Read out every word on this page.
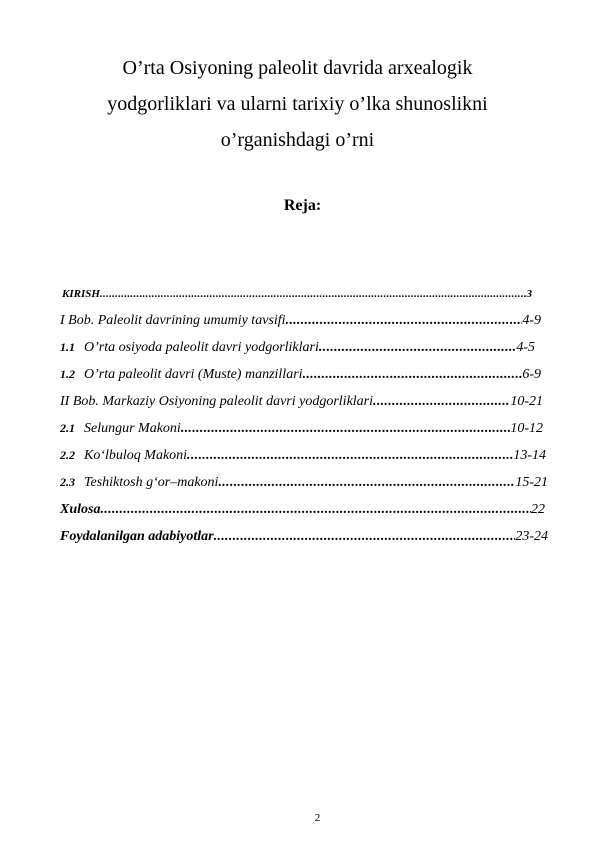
O’rta Osiyoning paleolit davrida arxealogik
yodgorliklari va ularni tarixiy o’lka shunoslikni
o’rganishdagi o’rni
Reja:
KIRISH .....	3
I Bob. Paleolit davrining umumiy tavsifi .....	4-9
1.1 O’rta osiyoda paleolit davri yodgorliklari .....	4-5
1.2 O’rta paleolit davri (Muste) manzillari .....	6-9
II Bob. Markaziy Osiyoning paleolit davri yodgorliklari .....	10-21
2.1 Selungur Makoni .....	10-12
2.2 Ko‘lbuloq Makoni .....	13-14
2.3 Teshiktosh g‘or–makoni .....	15-21
Xulosa .....	22
Foydalanilgan adabiyotlar .....	23-24
2
